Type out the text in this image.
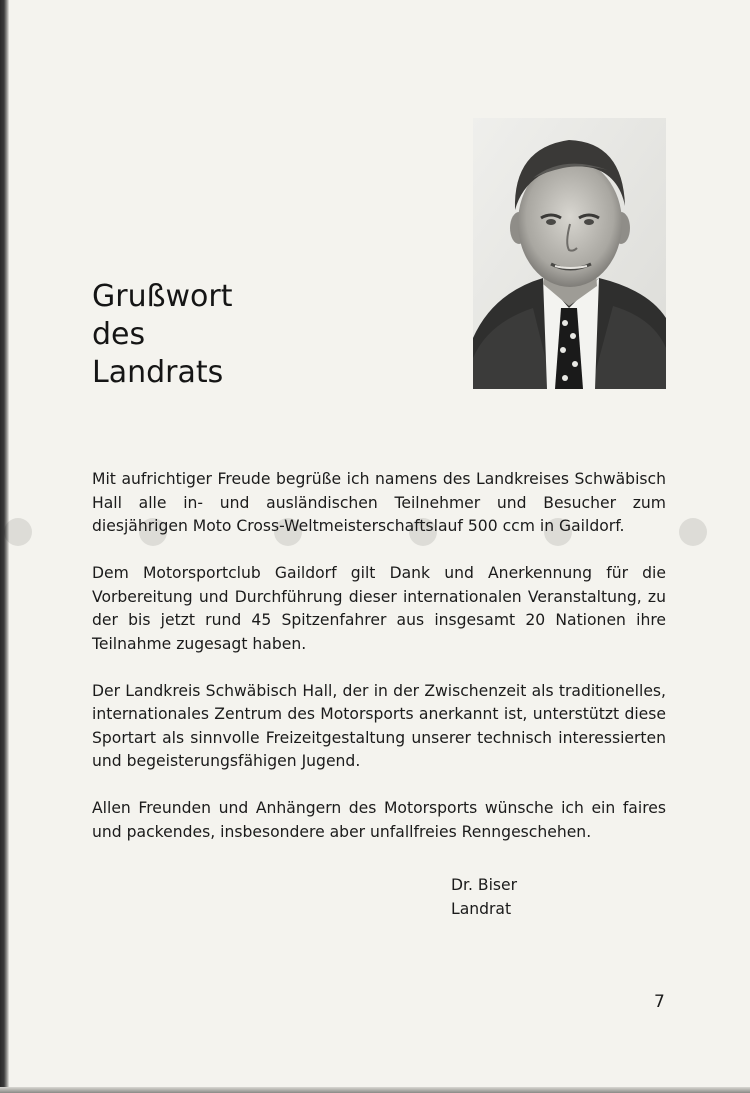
Grußwort
des
Landrats

Mit aufrichtiger Freude begrüße ich namens des Landkreises Schwäbisch Hall alle in- und ausländischen Teilnehmer und Besucher zum diesjährigen Moto Cross-Weltmeisterschaftslauf 500 ccm in Gaildorf.

Dem Motorsportclub Gaildorf gilt Dank und Anerkennung für die Vorbereitung und Durchführung dieser internationalen Veranstaltung, zu der bis jetzt rund 45 Spitzenfahrer aus insgesamt 20 Nationen ihre Teilnahme zugesagt haben.

Der Landkreis Schwäbisch Hall, der in der Zwischenzeit als traditionelles, internationales Zentrum des Motorsports anerkannt ist, unterstützt diese Sportart als sinnvolle Freizeitgestaltung unserer technisch interessierten und begeisterungsfähigen Jugend.

Allen Freunden und Anhängern des Motorsports wünsche ich ein faires und packendes, insbesondere aber unfallfreies Renngeschehen.

Dr. Biser
Landrat
7
